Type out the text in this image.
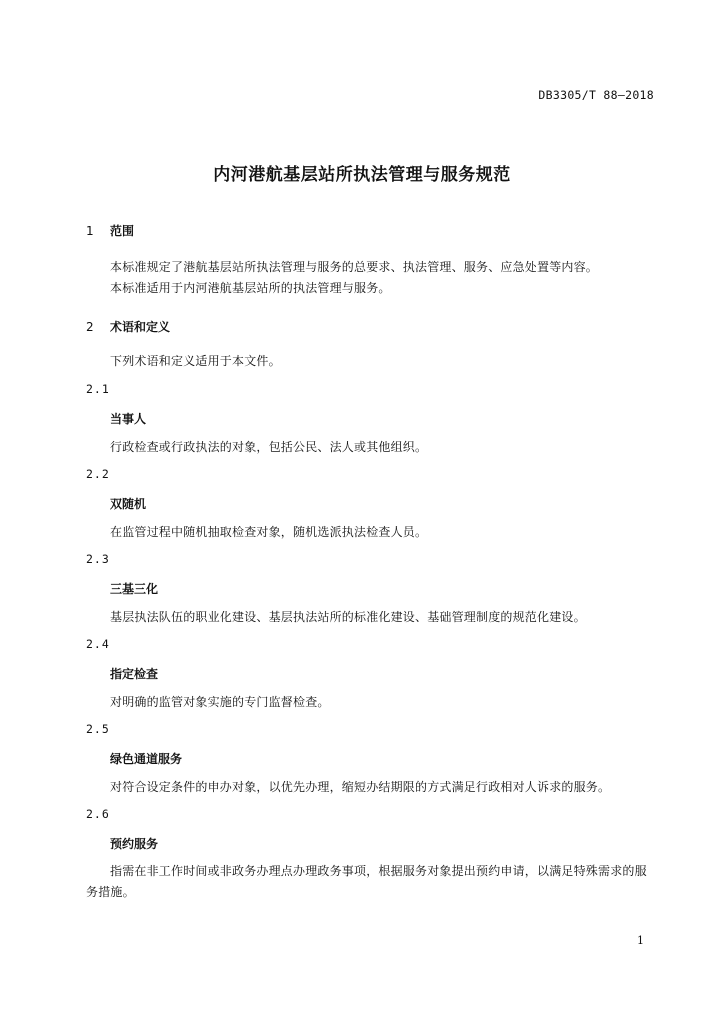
DB3305/T 88—2018
内河港航基层站所执法管理与服务规范
1 范围
本标准规定了港航基层站所执法管理与服务的总要求、执法管理、服务、应急处置等内容。
本标准适用于内河港航基层站所的执法管理与服务。
2 术语和定义
下列术语和定义适用于本文件。
2.1
当事人
行政检查或行政执法的对象，包括公民、法人或其他组织。
2.2
双随机
在监管过程中随机抽取检查对象，随机选派执法检查人员。
2.3
三基三化
基层执法队伍的职业化建设、基层执法站所的标准化建设、基础管理制度的规范化建设。
2.4
指定检查
对明确的监管对象实施的专门监督检查。
2.5
绿色通道服务
对符合设定条件的申办对象，以优先办理，缩短办结期限的方式满足行政相对人诉求的服务。
2.6
预约服务
指需在非工作时间或非政务办理点办理政务事项，根据服务对象提出预约申请，以满足特殊需求的服务措施。
1
